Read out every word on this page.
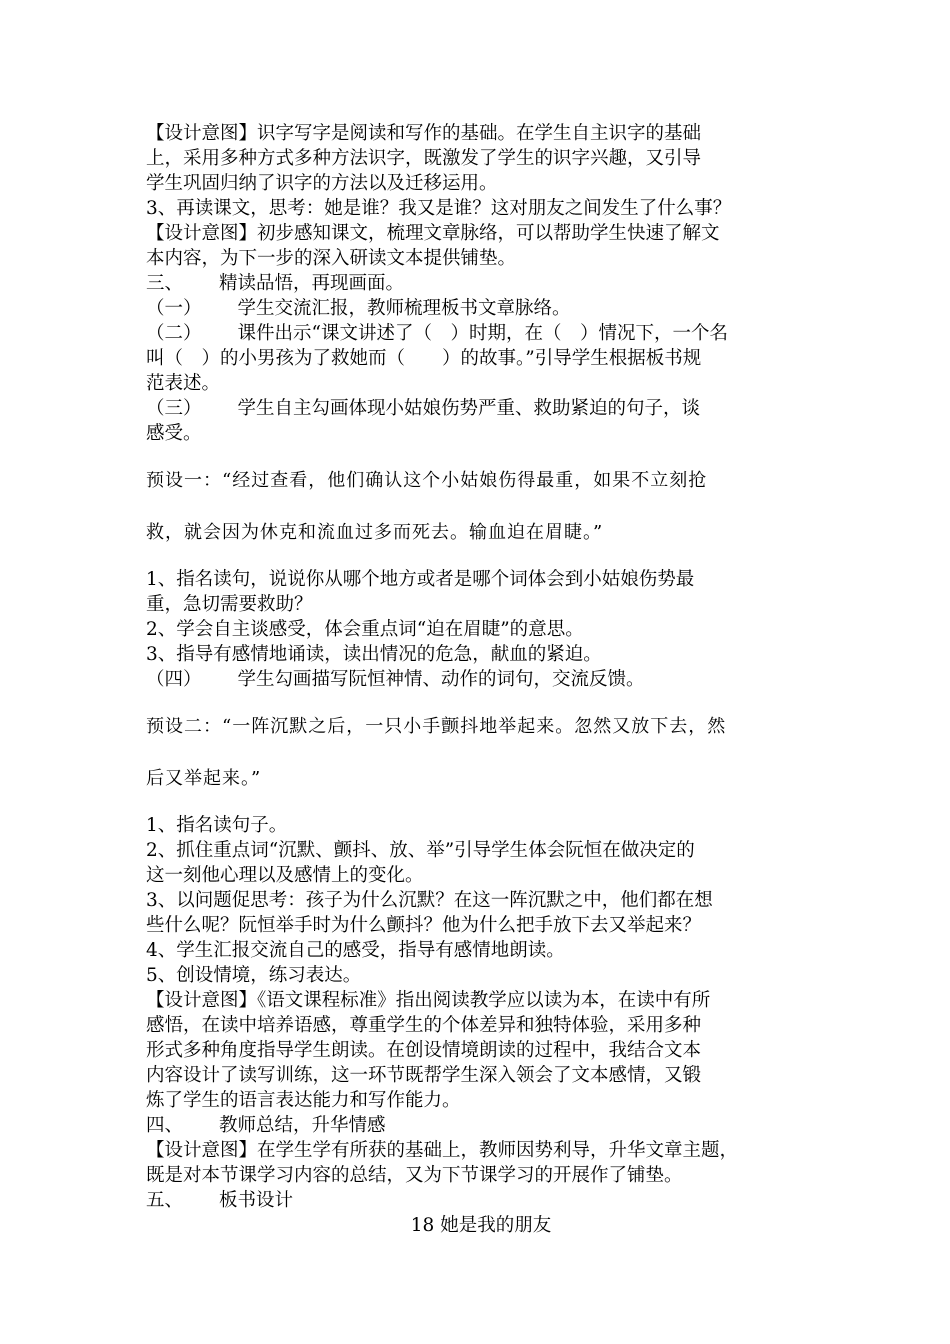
【设计意图】识字写字是阅读和写作的基础。在学生自主识字的基础

上，采用多种方式多种方法识字，既激发了学生的识字兴趣，又引导

学生巩固归纳了识字的方法以及迁移运用。

3、再读课文，思考：她是谁？我又是谁？这对朋友之间发生了什么事？

【设计意图】初步感知课文，梳理文章脉络，可以帮助学生快速了解文

本内容，为下一步的深入研读文本提供铺垫。

三、 精读品悟，再现画面。

（一） 学生交流汇报，教师梳理板书文章脉络。

（二） 课件出示“课文讲述了（　）时期，在（　）情况下，一个名

叫（　）的小男孩为了救她而（　　）的故事。”引导学生根据板书规

范表述。

（三） 学生自主勾画体现小姑娘伤势严重、救助紧迫的句子，谈

感受。

预设一：“经过查看，他们确认这个小姑娘伤得最重，如果不立刻抢

救，就会因为休克和流血过多而死去。输血迫在眉睫。”

1、指名读句，说说你从哪个地方或者是哪个词体会到小姑娘伤势最

重，急切需要救助？

2、学会自主谈感受，体会重点词“迫在眉睫”的意思。

3、指导有感情地诵读，读出情况的危急，献血的紧迫。

（四） 学生勾画描写阮恒神情、动作的词句，交流反馈。

预设二：“一阵沉默之后，一只小手颤抖地举起来。忽然又放下去，然

后又举起来。”

1、指名读句子。

2、抓住重点词“沉默、颤抖、放、举”引导学生体会阮恒在做决定的

这一刻他心理以及感情上的变化。

3、以问题促思考：孩子为什么沉默？在这一阵沉默之中，他们都在想

些什么呢？阮恒举手时为什么颤抖？他为什么把手放下去又举起来？

4、学生汇报交流自己的感受，指导有感情地朗读。

5、创设情境，练习表达。

【设计意图】《语文课程标准》指出阅读教学应以读为本，在读中有所

感悟，在读中培养语感，尊重学生的个体差异和独特体验，采用多种

形式多种角度指导学生朗读。在创设情境朗读的过程中，我结合文本

内容设计了读写训练，这一环节既帮学生深入领会了文本感情，又锻

炼了学生的语言表达能力和写作能力。

四、 教师总结，升华情感

【设计意图】在学生学有所获的基础上，教师因势利导，升华文章主题，

既是对本节课学习内容的总结，又为下节课学习的开展作了铺垫。

五、 板书设计

18 她是我的朋友
